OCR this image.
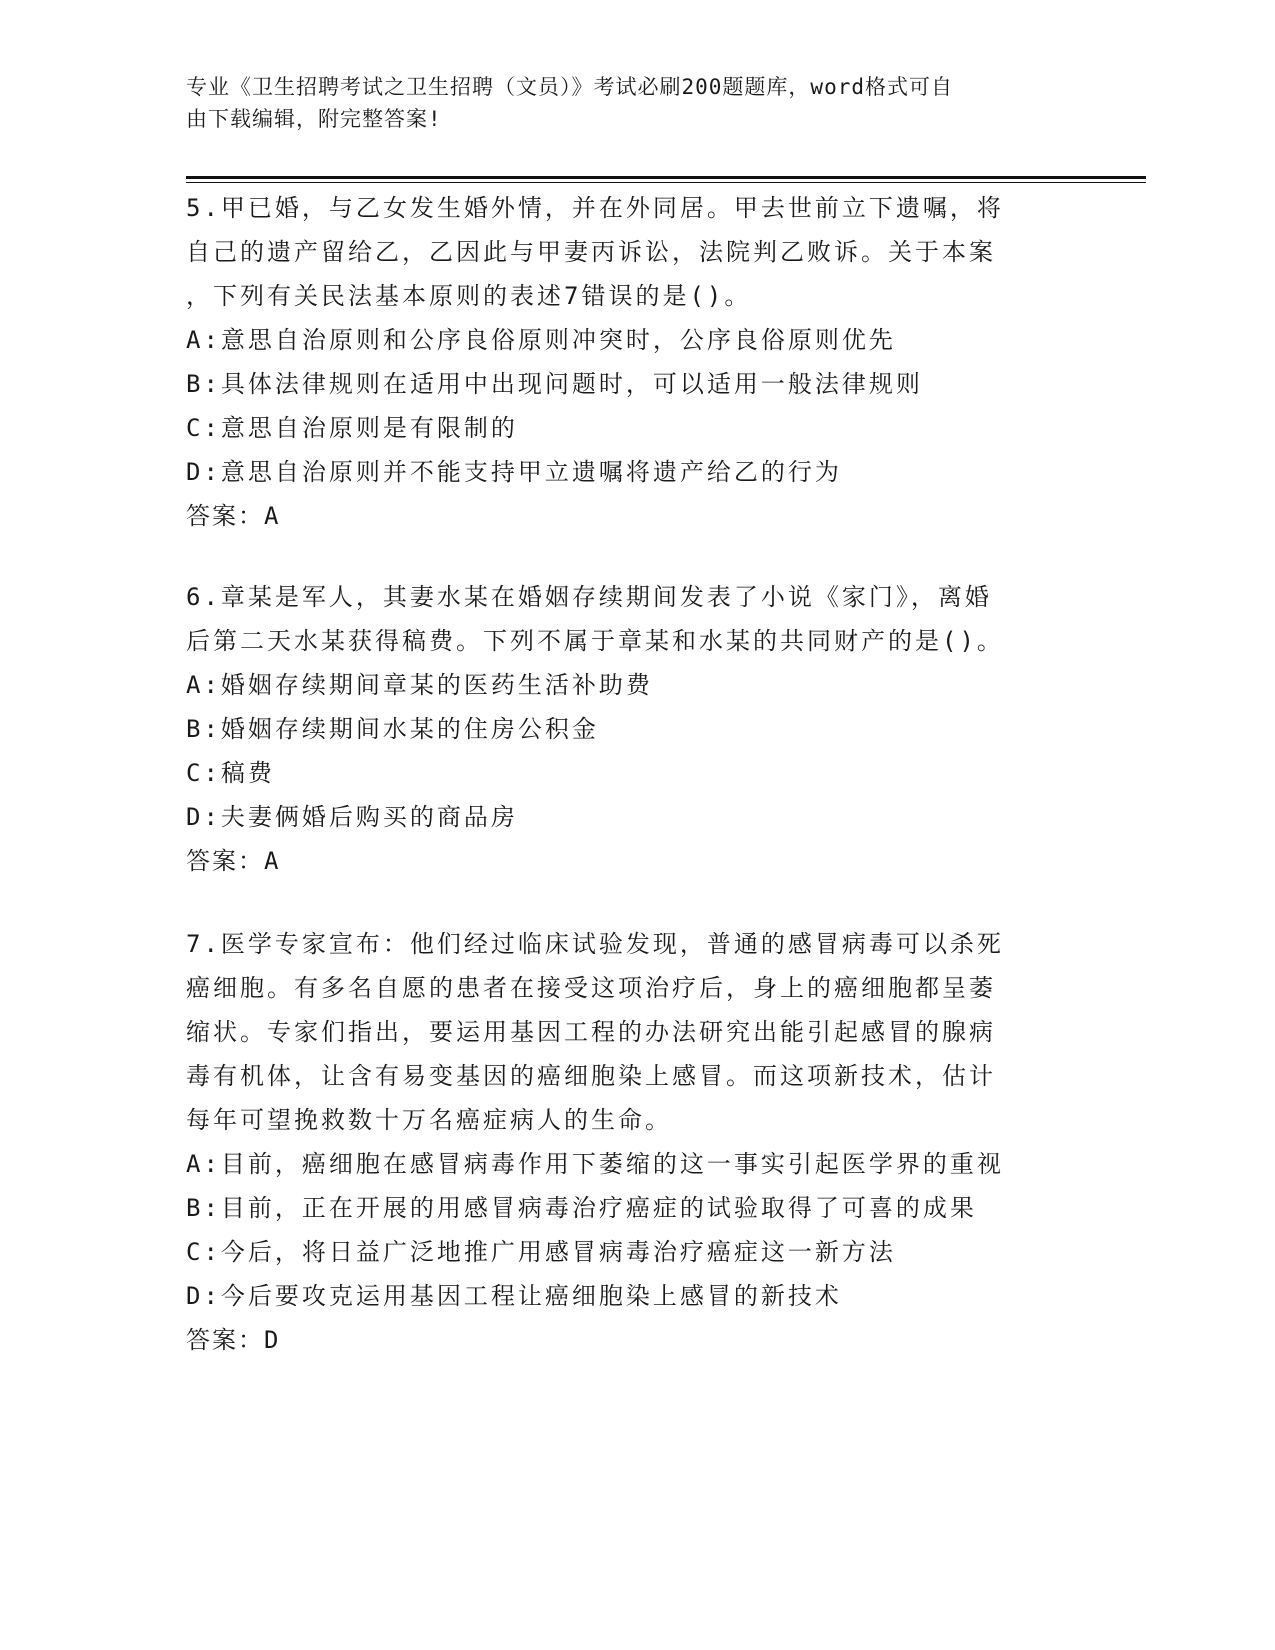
专业《卫生招聘考试之卫生招聘（文员）》考试必刷200题题库，word格式可自
由下载编辑，附完整答案!
5.甲已婚，与乙女发生婚外情，并在外同居。甲去世前立下遗嘱，将
自己的遗产留给乙，乙因此与甲妻丙诉讼，法院判乙败诉。关于本案
，下列有关民法基本原则的表述7错误的是()。
A:意思自治原则和公序良俗原则冲突时，公序良俗原则优先
B:具体法律规则在适用中出现问题时，可以适用一般法律规则
C:意思自治原则是有限制的
D:意思自治原则并不能支持甲立遗嘱将遗产给乙的行为
答案：A
6.章某是军人，其妻水某在婚姻存续期间发表了小说《家门》，离婚
后第二天水某获得稿费。下列不属于章某和水某的共同财产的是()。
A:婚姻存续期间章某的医药生活补助费
B:婚姻存续期间水某的住房公积金
C:稿费
D:夫妻俩婚后购买的商品房
答案：A
7.医学专家宣布：他们经过临床试验发现，普通的感冒病毒可以杀死
癌细胞。有多名自愿的患者在接受这项治疗后，身上的癌细胞都呈萎
缩状。专家们指出，要运用基因工程的办法研究出能引起感冒的腺病
毒有机体，让含有易变基因的癌细胞染上感冒。而这项新技术，估计
每年可望挽救数十万名癌症病人的生命。
A:目前，癌细胞在感冒病毒作用下萎缩的这一事实引起医学界的重视
B:目前，正在开展的用感冒病毒治疗癌症的试验取得了可喜的成果
C:今后，将日益广泛地推广用感冒病毒治疗癌症这一新方法
D:今后要攻克运用基因工程让癌细胞染上感冒的新技术
答案：D
